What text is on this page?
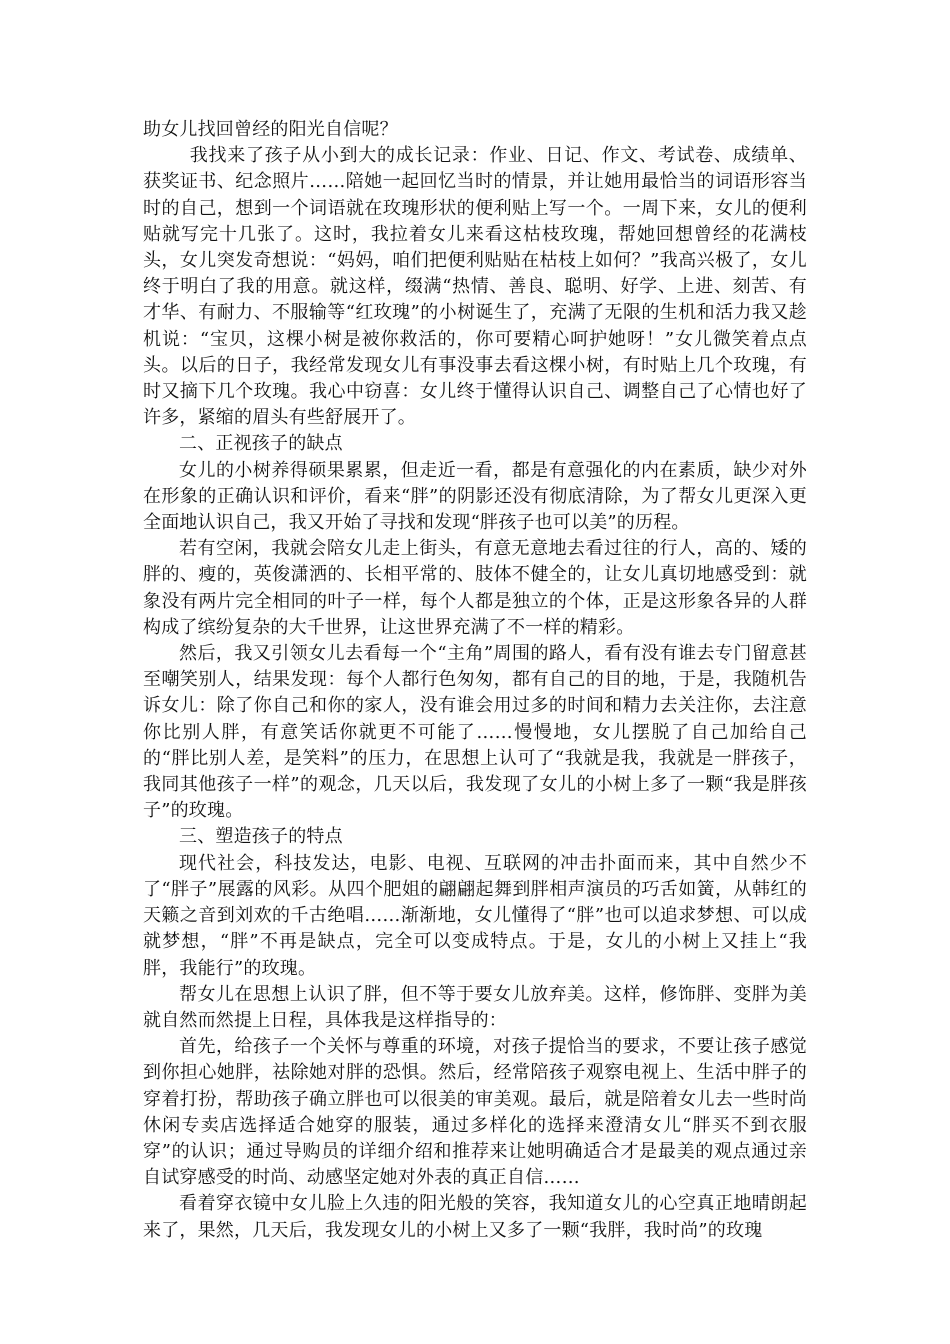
助女儿找回曾经的阳光自信呢？

我找来了孩子从小到大的成长记录：作业、日记、作文、考试卷、成绩单、获奖证书、纪念照片……陪她一起回忆当时的情景，并让她用最恰当的词语形容当时的自己，想到一个词语就在玫瑰形状的便利贴上写一个。一周下来，女儿的便利贴就写完十几张了。这时，我拉着女儿来看这枯枝玫瑰，帮她回想曾经的花满枝头，女儿突发奇想说：“妈妈，咱们把便利贴贴在枯枝上如何？”我高兴极了，女儿终于明白了我的用意。就这样，缀满“热情、善良、聪明、好学、上进、刻苦、有才华、有耐力、不服输等“红玫瑰”的小树诞生了，充满了无限的生机和活力我又趁机说：“宝贝，这棵小树是被你救活的，你可要精心呵护她呀！”女儿微笑着点点头。以后的日子，我经常发现女儿有事没事去看这棵小树，有时贴上几个玫瑰，有时又摘下几个玫瑰。我心中窃喜：女儿终于懂得认识自己、调整自己了心情也好了许多，紧缩的眉头有些舒展开了。

二、正视孩子的缺点

女儿的小树养得硕果累累，但走近一看，都是有意强化的内在素质，缺少对外在形象的正确认识和评价，看来“胖”的阴影还没有彻底清除，为了帮女儿更深入更全面地认识自己，我又开始了寻找和发现“胖孩子也可以美”的历程。

若有空闲，我就会陪女儿走上街头，有意无意地去看过往的行人，高的、矮的胖的、瘦的，英俊潇洒的、长相平常的、肢体不健全的，让女儿真切地感受到：就象没有两片完全相同的叶子一样，每个人都是独立的个体，正是这形象各异的人群构成了缤纷复杂的大千世界，让这世界充满了不一样的精彩。

然后，我又引领女儿去看每一个“主角”周围的路人，看有没有谁去专门留意甚至嘲笑别人，结果发现：每个人都行色匆匆，都有自己的目的地，于是，我随机告诉女儿：除了你自己和你的家人，没有谁会用过多的时间和精力去关注你，去注意你比别人胖，有意笑话你就更不可能了……慢慢地，女儿摆脱了自己加给自己的“胖比别人差，是笑料”的压力，在思想上认可了“我就是我，我就是一胖孩子，我同其他孩子一样”的观念，几天以后，我发现了女儿的小树上多了一颗“我是胖孩子”的玫瑰。

三、塑造孩子的特点

现代社会，科技发达，电影、电视、互联网的冲击扑面而来，其中自然少不了“胖子”展露的风彩。从四个肥姐的翩翩起舞到胖相声演员的巧舌如簧，从韩红的天籁之音到刘欢的千古绝唱……渐渐地，女儿懂得了“胖”也可以追求梦想、可以成就梦想，“胖”不再是缺点，完全可以变成特点。于是，女儿的小树上又挂上“我胖，我能行”的玫瑰。

帮女儿在思想上认识了胖，但不等于要女儿放弃美。这样，修饰胖、变胖为美就自然而然提上日程，具体我是这样指导的：

首先，给孩子一个关怀与尊重的环境，对孩子提恰当的要求，不要让孩子感觉到你担心她胖，祛除她对胖的恐惧。然后，经常陪孩子观察电视上、生活中胖子的穿着打扮，帮助孩子确立胖也可以很美的审美观。最后，就是陪着女儿去一些时尚休闲专卖店选择适合她穿的服装，通过多样化的选择来澄清女儿“胖买不到衣服穿”的认识；通过导购员的详细介绍和推荐来让她明确适合才是最美的观点通过亲自试穿感受的时尚、动感坚定她对外表的真正自信……

看着穿衣镜中女儿脸上久违的阳光般的笑容，我知道女儿的心空真正地晴朗起来了，果然，几天后，我发现女儿的小树上又多了一颗“我胖，我时尚”的玫瑰
